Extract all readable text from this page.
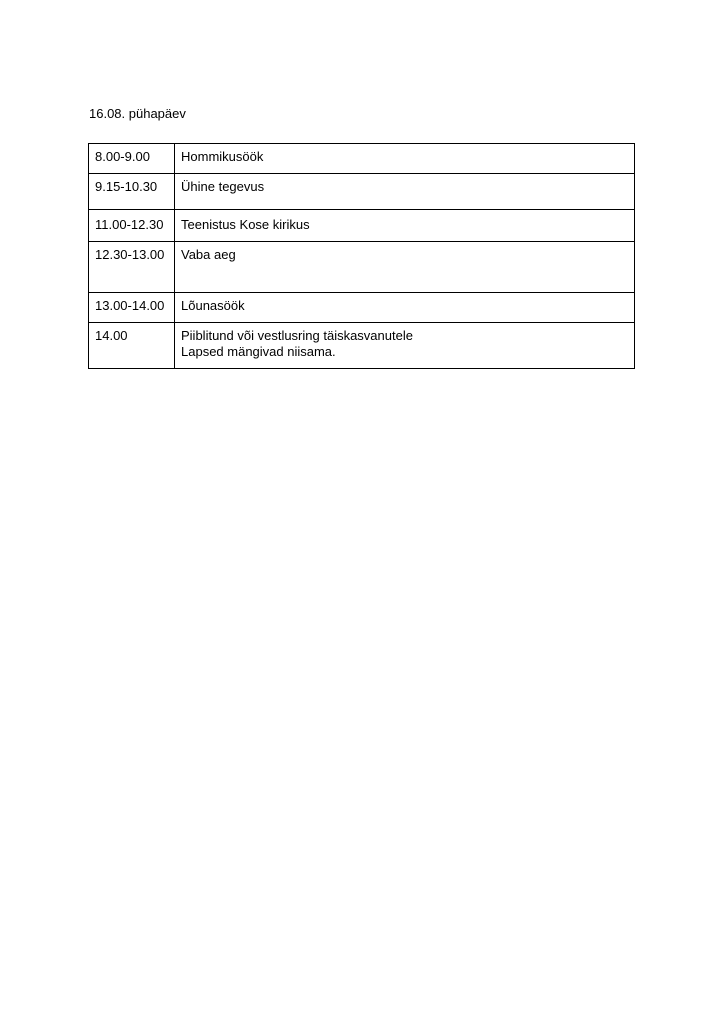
16.08. pühapäev
8.00-9.00	Hommikusöök

9.15-10.30	Ühine tegevus

11.00-12.30	Teenistus Kose kirikus

12.30-13.00	Vaba aeg

13.00-14.00	Lõunasöök

14.00	Piiblitund või vestlusring täiskasvanutele
Lapsed mängivad niisama.
